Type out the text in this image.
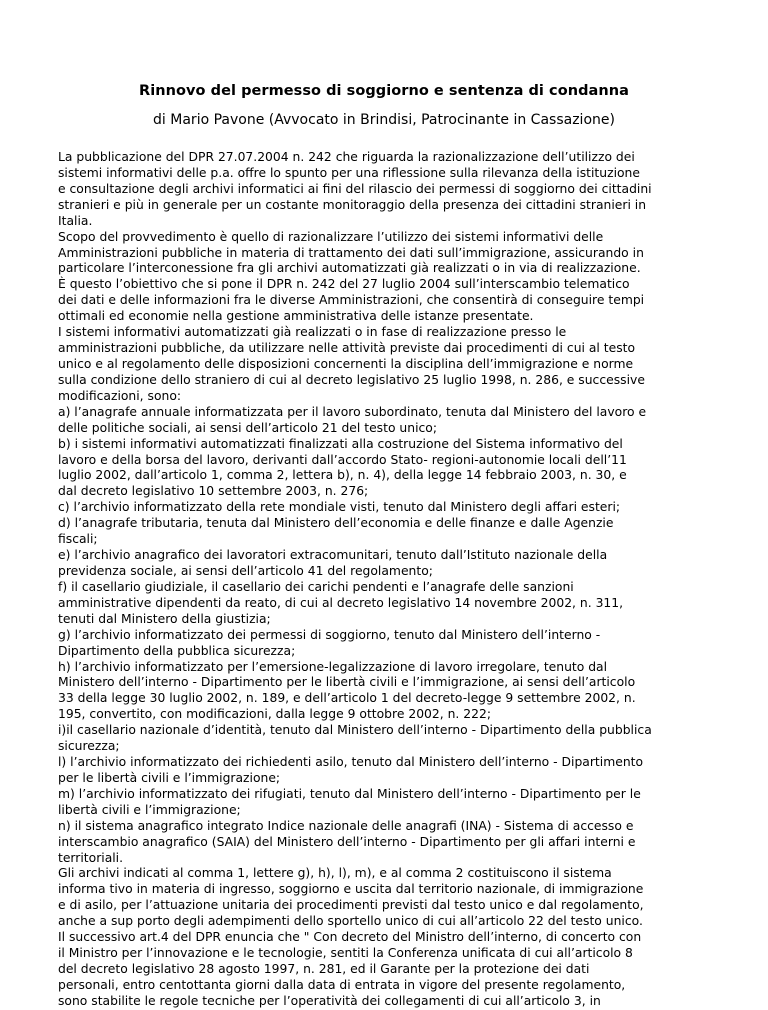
Rinnovo del permesso di soggiorno e sentenza di condanna

di Mario Pavone (Avvocato in Brindisi, Patrocinante in Cassazione)

La pubblicazione del DPR 27.07.2004 n. 242 che riguarda la razionalizzazione dell’utilizzo dei
sistemi informativi delle p.a. offre lo spunto per una riflessione sulla rilevanza della istituzione
e consultazione degli archivi informatici ai fini del rilascio dei permessi di soggiorno dei cittadini
stranieri e più in generale per un costante monitoraggio della presenza dei cittadini stranieri in
Italia.
Scopo del provvedimento è quello di razionalizzare l’utilizzo dei sistemi informativi delle
Amministrazioni pubbliche in materia di trattamento dei dati sull’immigrazione, assicurando in
particolare l’interconessione fra gli archivi automatizzati già realizzati o in via di realizzazione.
È questo l’obiettivo che si pone il DPR n. 242 del 27 luglio 2004 sull’interscambio telematico
dei dati e delle informazioni fra le diverse Amministrazioni, che consentirà di conseguire tempi
ottimali ed economie nella gestione amministrativa delle istanze presentate.
I sistemi informativi automatizzati già realizzati o in fase di realizzazione presso le
amministrazioni pubbliche, da utilizzare nelle attività previste dai procedimenti di cui al testo
unico e al regolamento delle disposizioni concernenti la disciplina dell’immigrazione e norme
sulla condizione dello straniero di cui al decreto legislativo 25 luglio 1998, n. 286, e successive
modificazioni, sono:
a) l’anagrafe annuale informatizzata per il lavoro subordinato, tenuta dal Ministero del lavoro e
delle politiche sociali, ai sensi dell’articolo 21 del testo unico;
b) i sistemi informativi automatizzati finalizzati alla costruzione del Sistema informativo del
lavoro e della borsa del lavoro, derivanti dall’accordo Stato- regioni-autonomie locali dell’11
luglio 2002, dall’articolo 1, comma 2, lettera b), n. 4), della legge 14 febbraio 2003, n. 30, e
dal decreto legislativo 10 settembre 2003, n. 276;
c) l’archivio informatizzato della rete mondiale visti, tenuto dal Ministero degli affari esteri;
d) l’anagrafe tributaria, tenuta dal Ministero dell’economia e delle finanze e dalle Agenzie
fiscali;
e) l’archivio anagrafico dei lavoratori extracomunitari, tenuto dall’Istituto nazionale della
previdenza sociale, ai sensi dell’articolo 41 del regolamento;
f) il casellario giudiziale, il casellario dei carichi pendenti e l’anagrafe delle sanzioni
amministrative dipendenti da reato, di cui al decreto legislativo 14 novembre 2002, n. 311,
tenuti dal Ministero della giustizia;
g) l’archivio informatizzato dei permessi di soggiorno, tenuto dal Ministero dell’interno -
Dipartimento della pubblica sicurezza;
h) l’archivio informatizzato per l’emersione-legalizzazione di lavoro irregolare, tenuto dal
Ministero dell’interno - Dipartimento per le libertà civili e l’immigrazione, ai sensi dell’articolo
33 della legge 30 luglio 2002, n. 189, e dell’articolo 1 del decreto-legge 9 settembre 2002, n.
195, convertito, con modificazioni, dalla legge 9 ottobre 2002, n. 222;
i)il casellario nazionale d’identità, tenuto dal Ministero dell’interno - Dipartimento della pubblica
sicurezza;
l) l’archivio informatizzato dei richiedenti asilo, tenuto dal Ministero dell’interno - Dipartimento
per le libertà civili e l’immigrazione;
m) l’archivio informatizzato dei rifugiati, tenuto dal Ministero dell’interno - Dipartimento per le
libertà civili e l’immigrazione;
n) il sistema anagrafico integrato Indice nazionale delle anagrafi (INA) - Sistema di accesso e
interscambio anagrafico (SAIA) del Ministero dell’interno - Dipartimento per gli affari interni e
territoriali.
Gli archivi indicati al comma 1, lettere g), h), l), m), e al comma 2 costituiscono il sistema
informa tivo in materia di ingresso, soggiorno e uscita dal territorio nazionale, di immigrazione
e di asilo, per l’attuazione unitaria dei procedimenti previsti dal testo unico e dal regolamento,
anche a sup porto degli adempimenti dello sportello unico di cui all’articolo 22 del testo unico.
Il successivo art.4 del DPR enuncia che " Con decreto del Ministro dell’interno, di concerto con
il Ministro per l’innovazione e le tecnologie, sentiti la Conferenza unificata di cui all’articolo 8
del decreto legislativo 28 agosto 1997, n. 281, ed il Garante per la protezione dei dati
personali, entro centottanta giorni dalla data di entrata in vigore del presente regolamento,
sono stabilite le regole tecniche per l’operatività dei collegamenti di cui all’articolo 3, in
